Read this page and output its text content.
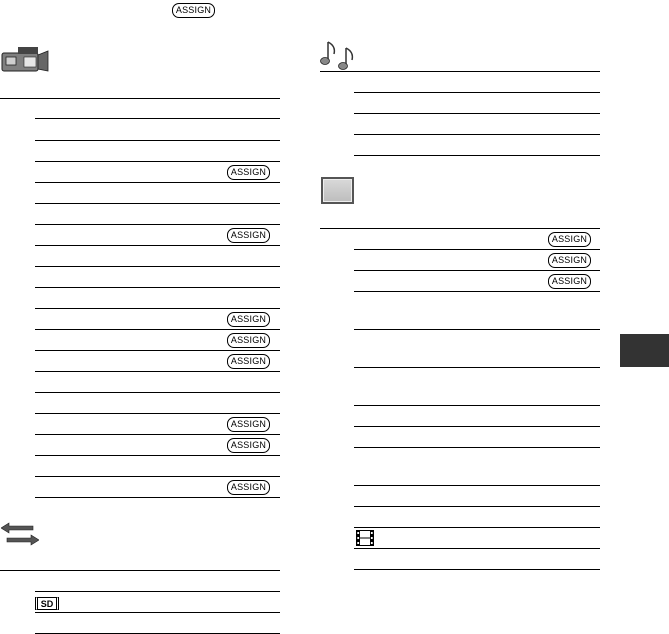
ASSIGN
ASSIGN
ASSIGN
ASSIGN
ASSIGN
ASSIGN
ASSIGN
ASSIGN
ASSIGN
SD
ASSIGN
ASSIGN
ASSIGN
